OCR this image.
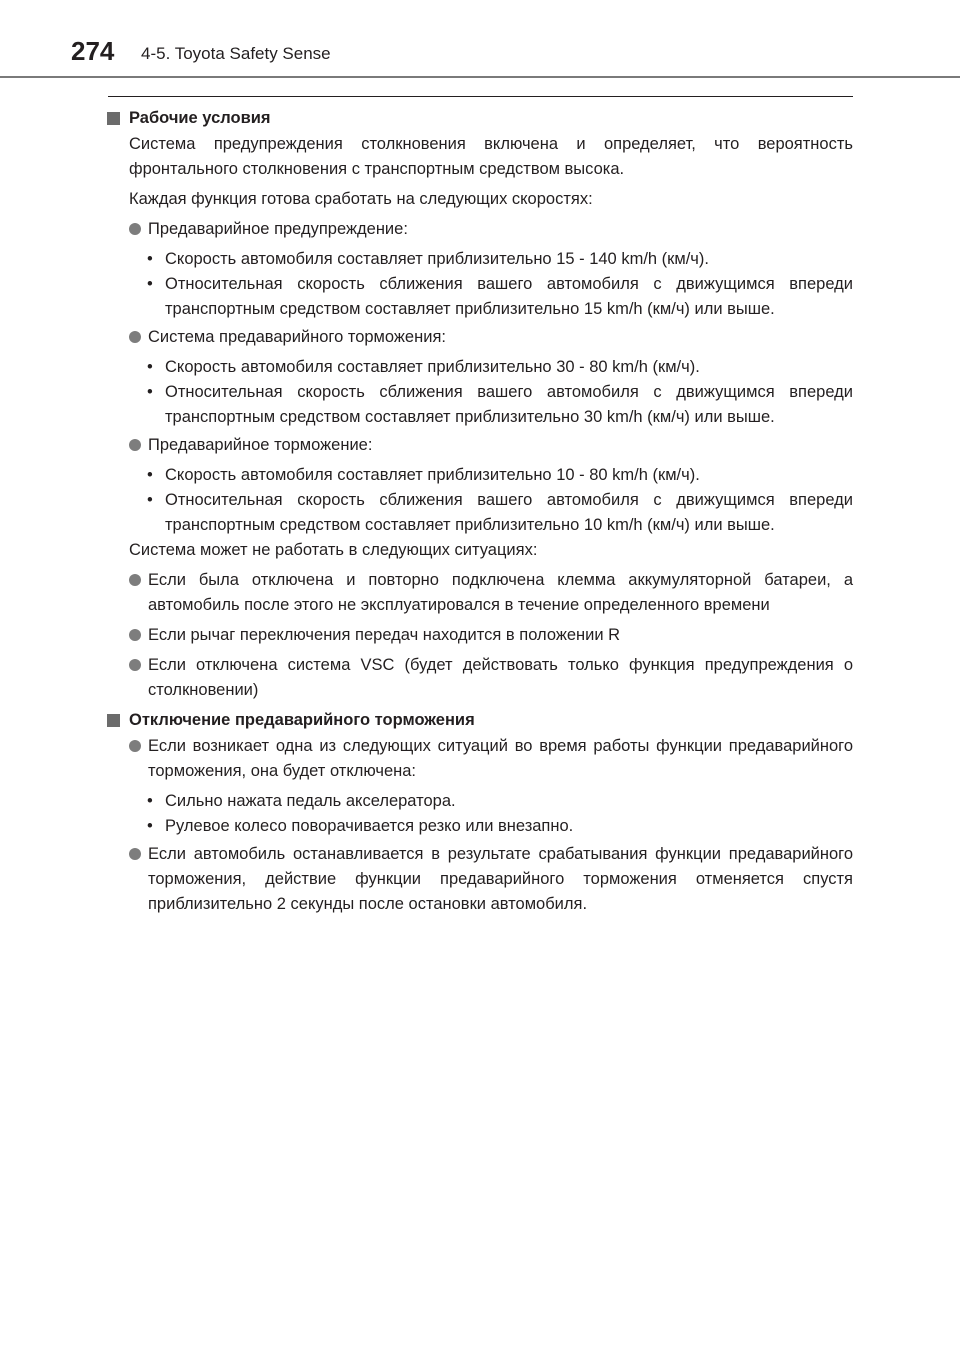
274 4-5. Toyota Safety Sense
Рабочие условия
Система предупреждения столкновения включена и определяет, что вероятность фронтального столкновения с транспортным средством высока.
Каждая функция готова сработать на следующих скоростях:
Предаварийное предупреждение:
• Скорость автомобиля составляет приблизительно 15 - 140 km/h (км/ч).
• Относительная скорость сближения вашего автомобиля с движущимся впереди транспортным средством составляет приблизительно 15 km/h (км/ч) или выше.
Система предаварийного торможения:
• Скорость автомобиля составляет приблизительно 30 - 80 km/h (км/ч).
• Относительная скорость сближения вашего автомобиля с движущимся впереди транспортным средством составляет приблизительно 30 km/h (км/ч) или выше.
Предаварийное торможение:
• Скорость автомобиля составляет приблизительно 10 - 80 km/h (км/ч).
• Относительная скорость сближения вашего автомобиля с движущимся впереди транспортным средством составляет приблизительно 10 km/h (км/ч) или выше.
Система может не работать в следующих ситуациях:
Если была отключена и повторно подключена клемма аккумуляторной батареи, а автомобиль после этого не эксплуатировался в течение определенного времени
Если рычаг переключения передач находится в положении R
Если отключена система VSC (будет действовать только функция предупреждения о столкновении)
Отключение предаварийного торможения
Если возникает одна из следующих ситуаций во время работы функции предаварийного торможения, она будет отключена:
• Сильно нажата педаль акселератора.
• Рулевое колесо поворачивается резко или внезапно.
Если автомобиль останавливается в результате срабатывания функции предаварийного торможения, действие функции предаварийного торможения отменяется спустя приблизительно 2 секунды после остановки автомобиля.
